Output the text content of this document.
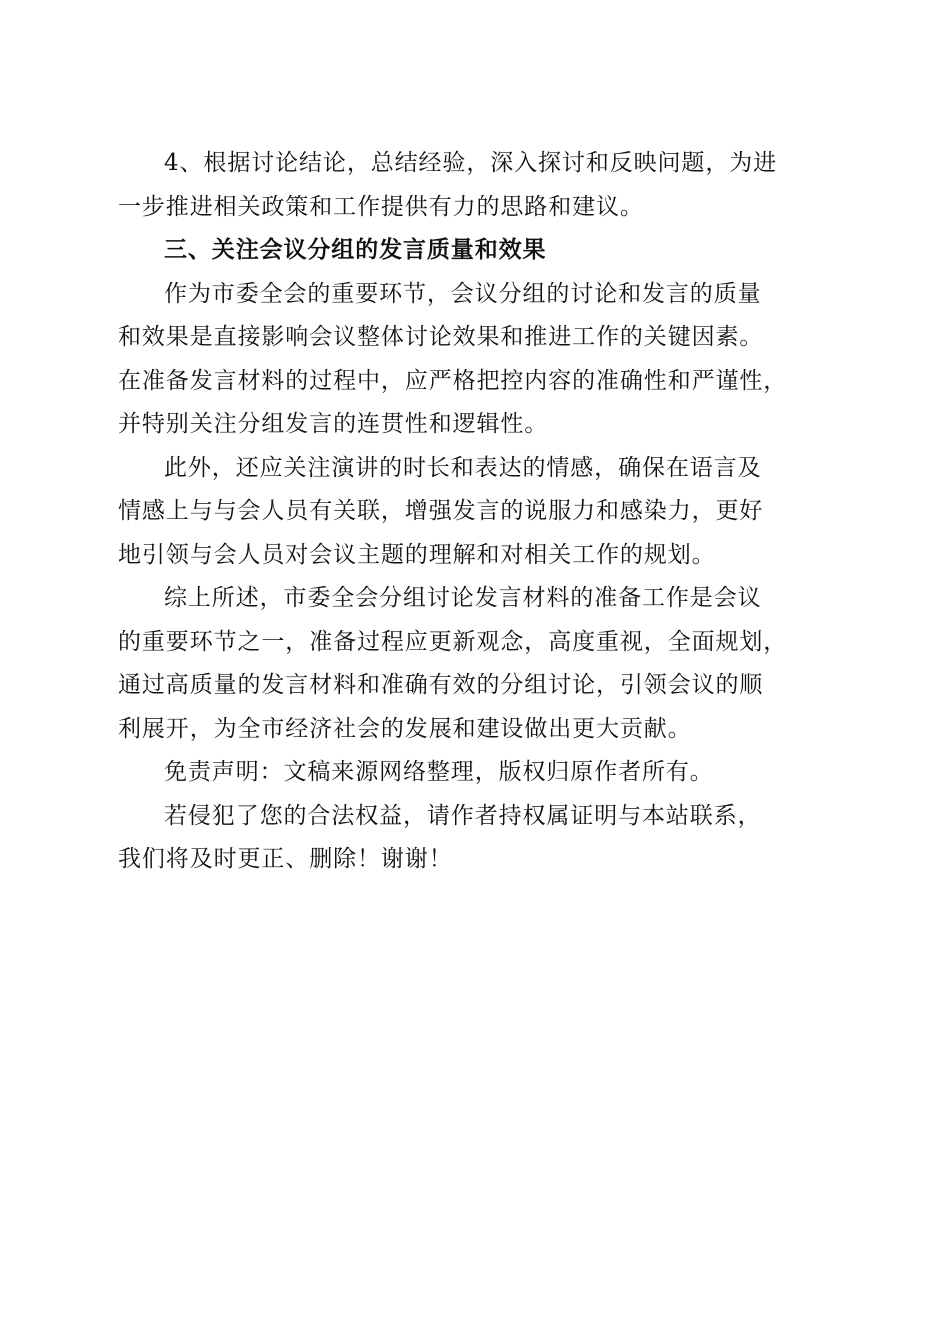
4、根据讨论结论，总结经验，深入探讨和反映问题，为进
一步推进相关政策和工作提供有力的思路和建议。

三、关注会议分组的发言质量和效果

作为市委全会的重要环节，会议分组的讨论和发言的质量
和效果是直接影响会议整体讨论效果和推进工作的关键因素。
在准备发言材料的过程中，应严格把控内容的准确性和严谨性，
并特别关注分组发言的连贯性和逻辑性。

此外，还应关注演讲的时长和表达的情感，确保在语言及
情感上与与会人员有关联，增强发言的说服力和感染力，更好
地引领与会人员对会议主题的理解和对相关工作的规划。

综上所述，市委全会分组讨论发言材料的准备工作是会议
的重要环节之一，准备过程应更新观念，高度重视，全面规划，
通过高质量的发言材料和准确有效的分组讨论，引领会议的顺
利展开，为全市经济社会的发展和建设做出更大贡献。

免责声明：文稿来源网络整理，版权归原作者所有。

若侵犯了您的合法权益，请作者持权属证明与本站联系，
我们将及时更正、删除！谢谢！
